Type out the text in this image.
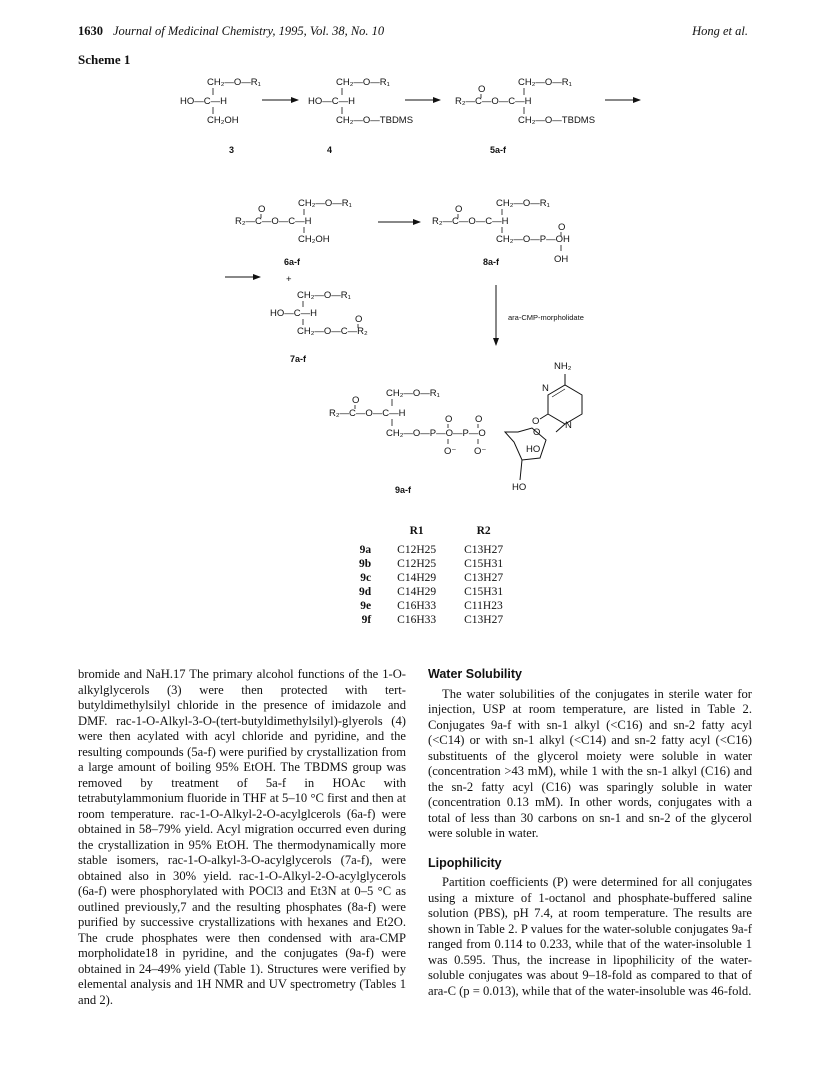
1630 Journal of Medicinal Chemistry, 1995, Vol. 38, No. 10	Hong et al.
Scheme 1
CH₂—O—R₁
HO—C—H
CH₂OH
3
CH₂—O—R₁
HO—C—H
CH₂—O—TBDMS
4
O
CH₂—O—R₁
R₂—C—O—C—H
CH₂—O—TBDMS
5a-f
O
CH₂—O—R₁
R₂—C—O—C—H
CH₂OH
6a-f
O
CH₂—O—R₁
R₂—C—O—C—H
O
CH₂—O—P—OH
OH
8a-f
+
CH₂—O—R₁
HO—C—H
O
CH₂—O—C—R₂
7a-f
ara-CMP-morpholidate
O
CH₂—O—R₁
R₂—C—O—C—H
O O
CH₂—O—P—O—P—O
O⁻ O⁻
O
HO
HO
O
N
N
NH₂
9a-f
	R1	R2
9a	C12H25	C13H27
9b	C12H25	C15H31
9c	C14H29	C13H27
9d	C14H29	C15H31
9e	C16H33	C11H23
9f	C16H33	C13H27

bromide and NaH.17 The primary alcohol functions of the 1-O-alkylglycerols (3) were then protected with tert-butyldimethylsilyl chloride in the presence of imidazole and DMF. rac-1-O-Alkyl-3-O-(tert-butyldimethylsilyl)-glyerols (4) were then acylated with acyl chloride and pyridine, and the resulting compounds (5a-f) were purified by crystallization from a large amount of boiling 95% EtOH. The TBDMS group was removed by treatment of 5a-f in HOAc with tetrabutylammonium fluoride in THF at 5–10 °C first and then at room temperature. rac-1-O-Alkyl-2-O-acylglcerols (6a-f) were obtained in 58–79% yield. Acyl migration occurred even during the crystallization in 95% EtOH. The thermodynamically more stable isomers, rac-1-O-alkyl-3-O-acylglycerols (7a-f), were obtained also in 30% yield. rac-1-O-Alkyl-2-O-acylglycerols (6a-f) were phosphorylated with POCl3 and Et3N at 0–5 °C as outlined previously,7 and the resulting phosphates (8a-f) were purified by successive crystallizations with hexanes and Et2O. The crude phosphates were then condensed with ara-CMP morpholidate18 in pyridine, and the conjugates (9a-f) were obtained in 24–49% yield (Table 1). Structures were verified by elemental analysis and 1H NMR and UV spectrometry (Tables 1 and 2).

Water Solubility

The water solubilities of the conjugates in sterile water for injection, USP at room temperature, are listed in Table 2. Conjugates 9a-f with sn-1 alkyl (<C16) and sn-2 fatty acyl (<C14) or with sn-1 alkyl (<C14) and sn-2 fatty acyl (<C16) substituents of the glycerol moiety were soluble in water (concentration >43 mM), while 1 with the sn-1 alkyl (C16) and the sn-2 fatty acyl (C16) was sparingly soluble in water (concentration 0.13 mM). In other words, conjugates with a total of less than 30 carbons on sn-1 and sn-2 of the glycerol were soluble in water.

Lipophilicity

Partition coefficients (P) were determined for all conjugates using a mixture of 1-octanol and phosphate-buffered saline solution (PBS), pH 7.4, at room temperature. The results are shown in Table 2. P values for the water-soluble conjugates 9a-f ranged from 0.114 to 0.233, while that of the water-insoluble 1 was 0.595. Thus, the increase in lipophilicity of the water-soluble conjugates was about 9–18-fold as compared to that of ara-C (p = 0.013), while that of the water-insoluble was 46-fold.
